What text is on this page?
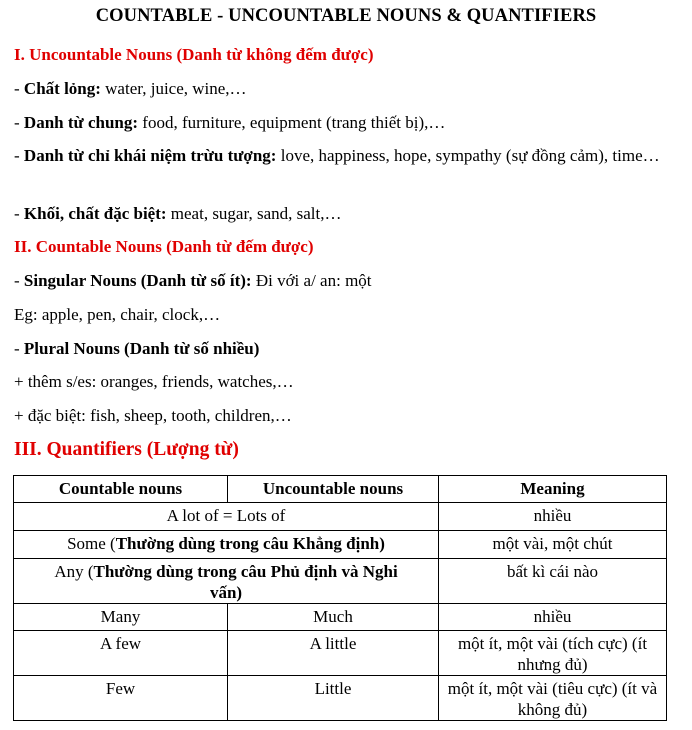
COUNTABLE - UNCOUNTABLE NOUNS & QUANTIFIERS
I. Uncountable Nouns (Danh từ không đếm được)
- Chất lỏng: water, juice, wine,…
- Danh từ chung: food, furniture, equipment (trang thiết bị),…
- Danh từ chỉ khái niệm trừu tượng: love, happiness, hope, sympathy (sự đồng cảm), time…
- Khối, chất đặc biệt: meat, sugar, sand, salt,…
II. Countable Nouns (Danh từ đếm được)
- Singular Nouns (Danh từ số ít): Đi với a/ an: một
Eg: apple, pen, chair, clock,…
- Plural Nouns (Danh từ số nhiều)
+ thêm s/es: oranges, friends, watches,…
+ đặc biệt: fish, sheep, tooth, children,…
III. Quantifiers (Lượng từ)
Countable nouns	Uncountable nouns	Meaning
A lot of = Lots of		nhiều
Some (Thường dùng trong câu Khẳng định)		một vài, một chút
Any (Thường dùng trong câu Phủ định và Nghi vấn)		bất kì cái nào
Many	Much	nhiều
A few	A little	một ít, một vài (tích cực) (ít nhưng đủ)
Few	Little	một ít, một vài (tiêu cực) (ít và không đủ)
